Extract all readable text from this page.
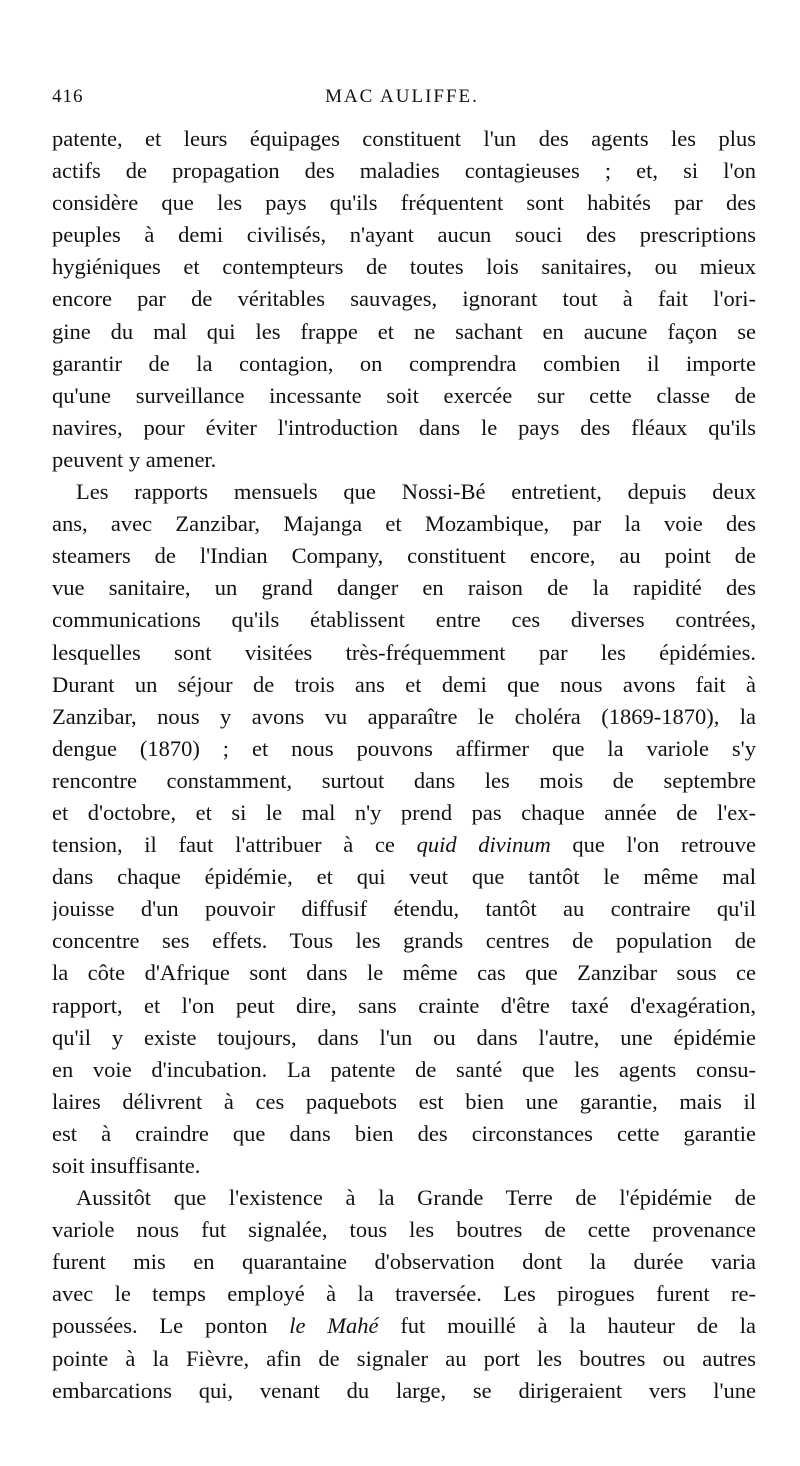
416	MAC AULIFFE.
patente, et leurs équipages constituent l'un des agents les plus
actifs de propagation des maladies contagieuses ; et, si l'on
considère que les pays qu'ils fréquentent sont habités par des
peuples à demi civilisés, n'ayant aucun souci des prescriptions
hygiéniques et contempteurs de toutes lois sanitaires, ou mieux
encore par de véritables sauvages, ignorant tout à fait l'ori-
gine du mal qui les frappe et ne sachant en aucune façon se
garantir de la contagion, on comprendra combien il importe
qu'une surveillance incessante soit exercée sur cette classe de
navires, pour éviter l'introduction dans le pays des fléaux qu'ils
peuvent y amener.
Les rapports mensuels que Nossi-Bé entretient, depuis deux
ans, avec Zanzibar, Majanga et Mozambique, par la voie des
steamers de l'Indian Company, constituent encore, au point de
vue sanitaire, un grand danger en raison de la rapidité des
communications qu'ils établissent entre ces diverses contrées,
lesquelles sont visitées très-fréquemment par les épidémies.
Durant un séjour de trois ans et demi que nous avons fait à
Zanzibar, nous y avons vu apparaître le choléra (1869-1870), la
dengue (1870) ; et nous pouvons affirmer que la variole s'y
rencontre constamment, surtout dans les mois de septembre
et d'octobre, et si le mal n'y prend pas chaque année de l'ex-
tension, il faut l'attribuer à ce quid divinum que l'on retrouve
dans chaque épidémie, et qui veut que tantôt le même mal
jouisse d'un pouvoir diffusif étendu, tantôt au contraire qu'il
concentre ses effets. Tous les grands centres de population de
la côte d'Afrique sont dans le même cas que Zanzibar sous ce
rapport, et l'on peut dire, sans crainte d'être taxé d'exagération,
qu'il y existe toujours, dans l'un ou dans l'autre, une épidémie
en voie d'incubation. La patente de santé que les agents consu-
laires délivrent à ces paquebots est bien une garantie, mais il
est à craindre que dans bien des circonstances cette garantie
soit insuffisante.
Aussitôt que l'existence à la Grande Terre de l'épidémie de
variole nous fut signalée, tous les boutres de cette provenance
furent mis en quarantaine d'observation dont la durée varia
avec le temps employé à la traversée. Les pirogues furent re-
poussées. Le ponton le Mahé fut mouillé à la hauteur de la
pointe à la Fièvre, afin de signaler au port les boutres ou autres
embarcations qui, venant du large, se dirigeraient vers l'une
